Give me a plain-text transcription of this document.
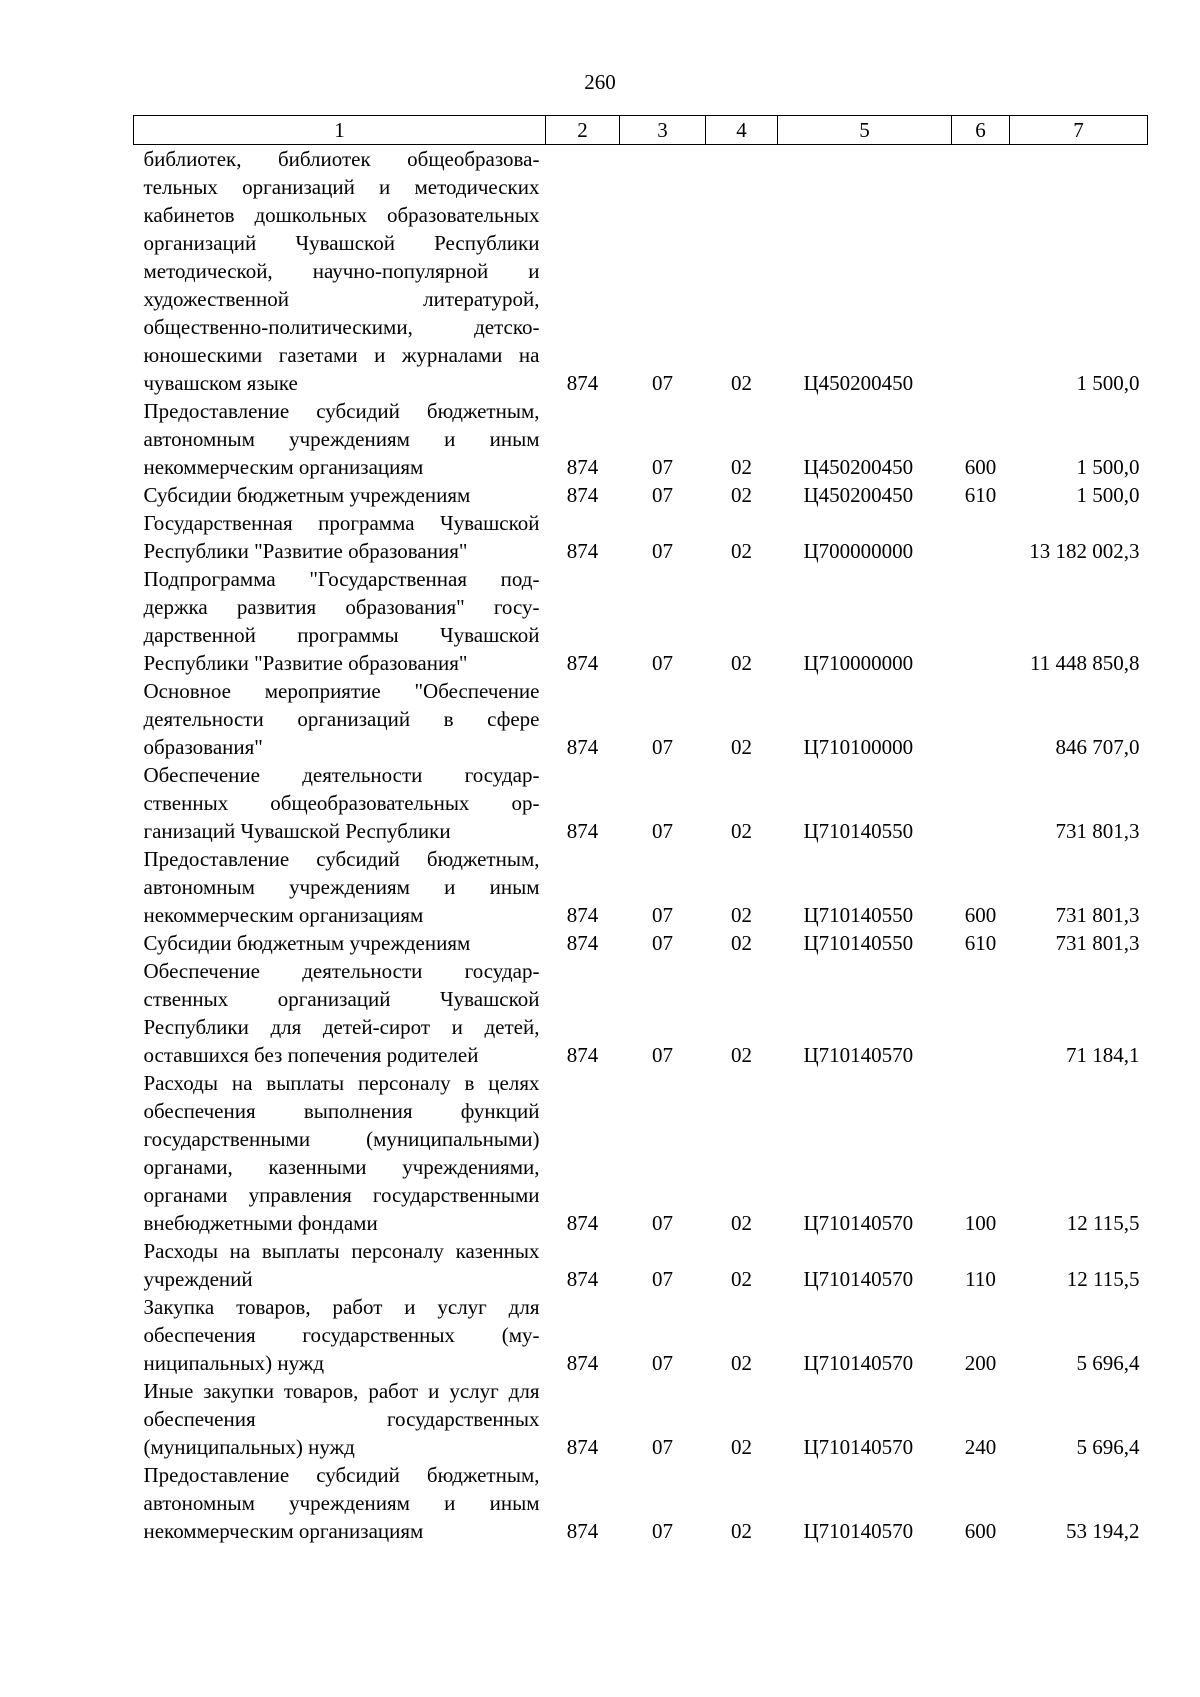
260
1	2	3	4	5	6	7
библиотек, библиотек общеобразовательных организаций и методических кабинетов дошкольных образовательных организаций Чувашской Республики методической, научно-популярной и художественной литературой, общественно-политическими, детско-юношескими газетами и журналами на чувашском языке	874	07	02	Ц450200450		1 500,0
Предоставление субсидий бюджетным, автономным учреждениям и иным некоммерческим организациям	874	07	02	Ц450200450	600	1 500,0
Субсидии бюджетным учреждениям	874	07	02	Ц450200450	610	1 500,0
Государственная программа Чувашской Республики "Развитие образования"	874	07	02	Ц700000000		13 182 002,3
Подпрограмма "Государственная поддержка развития образования" государственной программы Чувашской Республики "Развитие образования"	874	07	02	Ц710000000		11 448 850,8
Основное мероприятие "Обеспечение деятельности организаций в сфере образования"	874	07	02	Ц710100000		846 707,0
Обеспечение деятельности государственных общеобразовательных организаций Чувашской Республики	874	07	02	Ц710140550		731 801,3
Предоставление субсидий бюджетным, автономным учреждениям и иным некоммерческим организациям	874	07	02	Ц710140550	600	731 801,3
Субсидии бюджетным учреждениям	874	07	02	Ц710140550	610	731 801,3
Обеспечение деятельности государственных организаций Чувашской Республики для детей-сирот и детей, оставшихся без попечения родителей	874	07	02	Ц710140570		71 184,1
Расходы на выплаты персоналу в целях обеспечения выполнения функций государственными (муниципальными) органами, казенными учреждениями, органами управления государственными внебюджетными фондами	874	07	02	Ц710140570	100	12 115,5
Расходы на выплаты персоналу казенных учреждений	874	07	02	Ц710140570	110	12 115,5
Закупка товаров, работ и услуг для обеспечения государственных (муниципальных) нужд	874	07	02	Ц710140570	200	5 696,4
Иные закупки товаров, работ и услуг для обеспечения государственных (муниципальных) нужд	874	07	02	Ц710140570	240	5 696,4
Предоставление субсидий бюджетным, автономным учреждениям и иным некоммерческим организациям	874	07	02	Ц710140570	600	53 194,2
